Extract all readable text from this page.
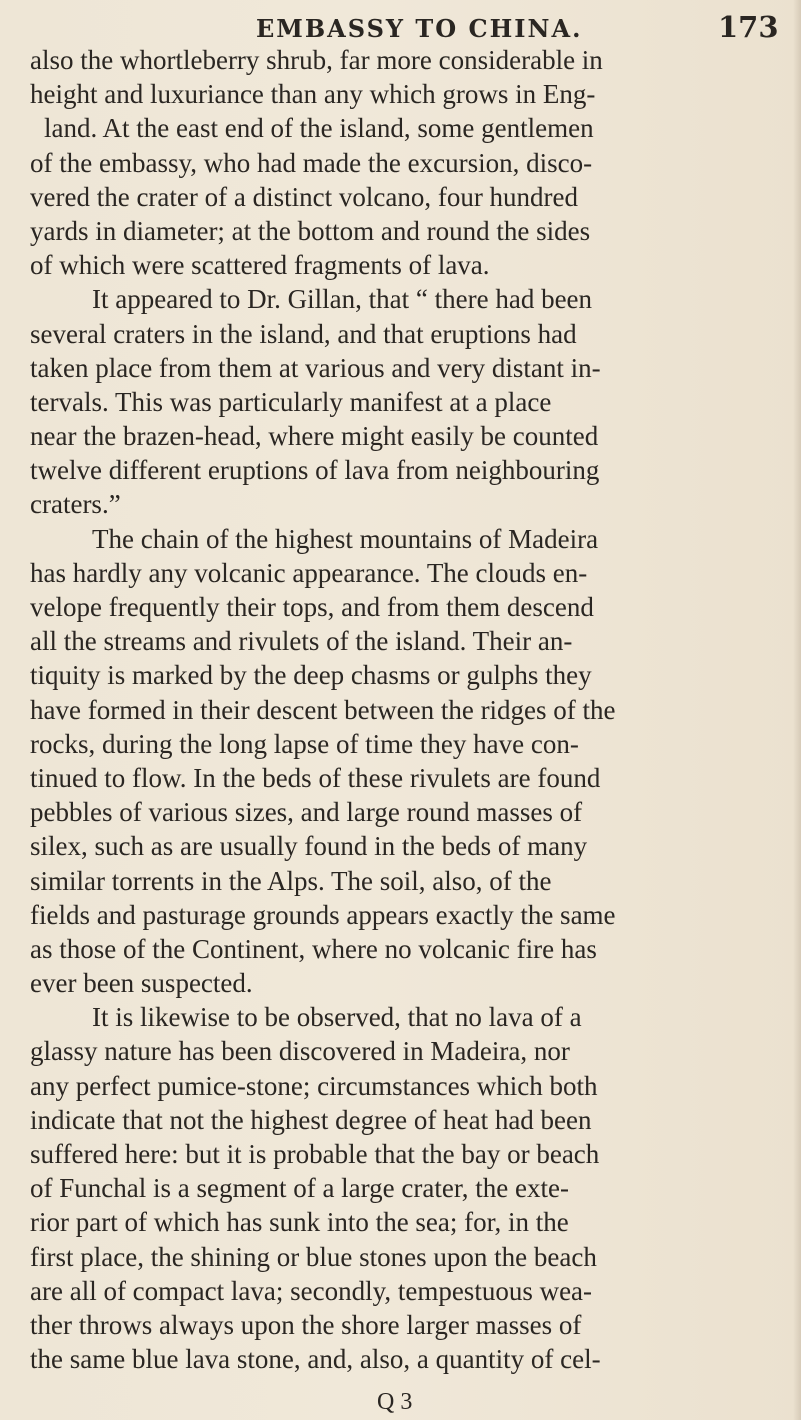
EMBASSY TO CHINA.	173
also the whortleberry shrub, far more considerable in
height and luxuriance than any which grows in Eng-
land. At the east end of the island, some gentlemen
of the embassy, who had made the excursion, disco-
vered the crater of a distinct volcano, four hundred
yards in diameter; at the bottom and round the sides
of which were scattered fragments of lava.
It appeared to Dr. Gillan, that “ there had been
several craters in the island, and that eruptions had
taken place from them at various and very distant in-
tervals. This was particularly manifest at a place
near the brazen-head, where might easily be counted
twelve different eruptions of lava from neighbouring
craters.”
The chain of the highest mountains of Madeira
has hardly any volcanic appearance. The clouds en-
velope frequently their tops, and from them descend
all the streams and rivulets of the island. Their an-
tiquity is marked by the deep chasms or gulphs they
have formed in their descent between the ridges of the
rocks, during the long lapse of time they have con-
tinued to flow. In the beds of these rivulets are found
pebbles of various sizes, and large round masses of
silex, such as are usually found in the beds of many
similar torrents in the Alps. The soil, also, of the
fields and pasturage grounds appears exactly the same
as those of the Continent, where no volcanic fire has
ever been suspected.
It is likewise to be observed, that no lava of a
glassy nature has been discovered in Madeira, nor
any perfect pumice-stone; circumstances which both
indicate that not the highest degree of heat had been
suffered here: but it is probable that the bay or beach
of Funchal is a segment of a large crater, the exte-
rior part of which has sunk into the sea; for, in the
first place, the shining or blue stones upon the beach
are all of compact lava; secondly, tempestuous wea-
ther throws always upon the shore larger masses of
the same blue lava stone, and, also, a quantity of cel-
Q 3
